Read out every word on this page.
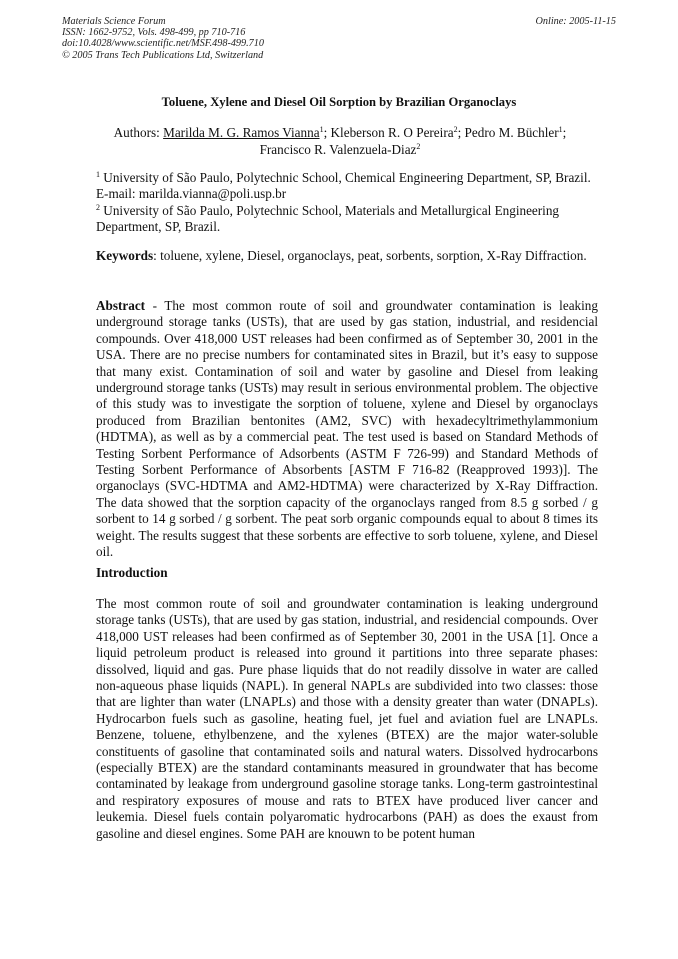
Materials Science Forum
ISSN: 1662-9752, Vols. 498-499, pp 710-716
doi:10.4028/www.scientific.net/MSF.498-499.710
© 2005 Trans Tech Publications Ltd, Switzerland
Online: 2005-11-15
Toluene, Xylene and Diesel Oil Sorption by Brazilian Organoclays
Authors: Marilda M. G. Ramos Vianna$^1$; Kleberson R. O Pereira$^2$; Pedro M. Büchler$^1$;
Francisco R. Valenzuela-Diaz$^2$

$^1$ University of São Paulo, Polytechnic School, Chemical Engineering Department, SP, Brazil. E-mail: marilda.vianna@poli.usp.br

$^2$ University of São Paulo, Polytechnic School, Materials and Metallurgical Engineering Department, SP, Brazil.

Keywords: toluene, xylene, Diesel, organoclays, peat, sorbents, sorption, X-Ray Diffraction.
Abstract - The most common route of soil and groundwater contamination is leaking underground storage tanks (USTs), that are used by gas station, industrial, and residencial compounds. Over 418,000 UST releases had been confirmed as of September 30, 2001 in the USA. There are no precise numbers for contaminated sites in Brazil, but it’s easy to suppose that many exist. Contamination of soil and water by gasoline and Diesel from leaking underground storage tanks (USTs) may result in serious environmental problem. The objective of this study was to investigate the sorption of toluene, xylene and Diesel by organoclays produced from Brazilian bentonites (AM2, SVC) with hexadecyltrimethylammonium (HDTMA), as well as by a commercial peat. The test used is based on Standard Methods of Testing Sorbent Performance of Adsorbents (ASTM F 726-99) and Standard Methods of Testing Sorbent Performance of Absorbents [ASTM F 716-82 (Reapproved 1993)]. The organoclays (SVC-HDTMA and AM2-HDTMA) were characterized by X-Ray Diffraction. The data showed that the sorption capacity of the organoclays ranged from 8.5 g sorbed / g sorbent to 14 g sorbed / g sorbent. The peat sorb organic compounds equal to about 8 times its weight. The results suggest that these sorbents are effective to sorb toluene, xylene, and Diesel oil.
Introduction
The most common route of soil and groundwater contamination is leaking underground storage tanks (USTs), that are used by gas station, industrial, and residencial compounds. Over 418,000 UST releases had been confirmed as of September 30, 2001 in the USA [1]. Once a liquid petroleum product is released into ground it partitions into three separate phases: dissolved, liquid and gas. Pure phase liquids that do not readily dissolve in water are called non-aqueous phase liquids (NAPL). In general NAPLs are subdivided into two classes: those that are lighter than water (LNAPLs) and those with a density greater than water (DNAPLs). Hydrocarbon fuels such as gasoline, heating fuel, jet fuel and aviation fuel are LNAPLs. Benzene, toluene, ethylbenzene, and the xylenes (BTEX) are the major water-soluble constituents of gasoline that contaminated soils and natural waters. Dissolved hydrocarbons (especially BTEX) are the standard contaminants measured in groundwater that has become contaminated by leakage from underground gasoline storage tanks. Long-term gastrointestinal and respiratory exposures of mouse and rats to BTEX have produced liver cancer and leukemia. Diesel fuels contain polyaromatic hydrocarbons (PAH) as does the exaust from gasoline and diesel engines. Some PAH are knouwn to be potent human
